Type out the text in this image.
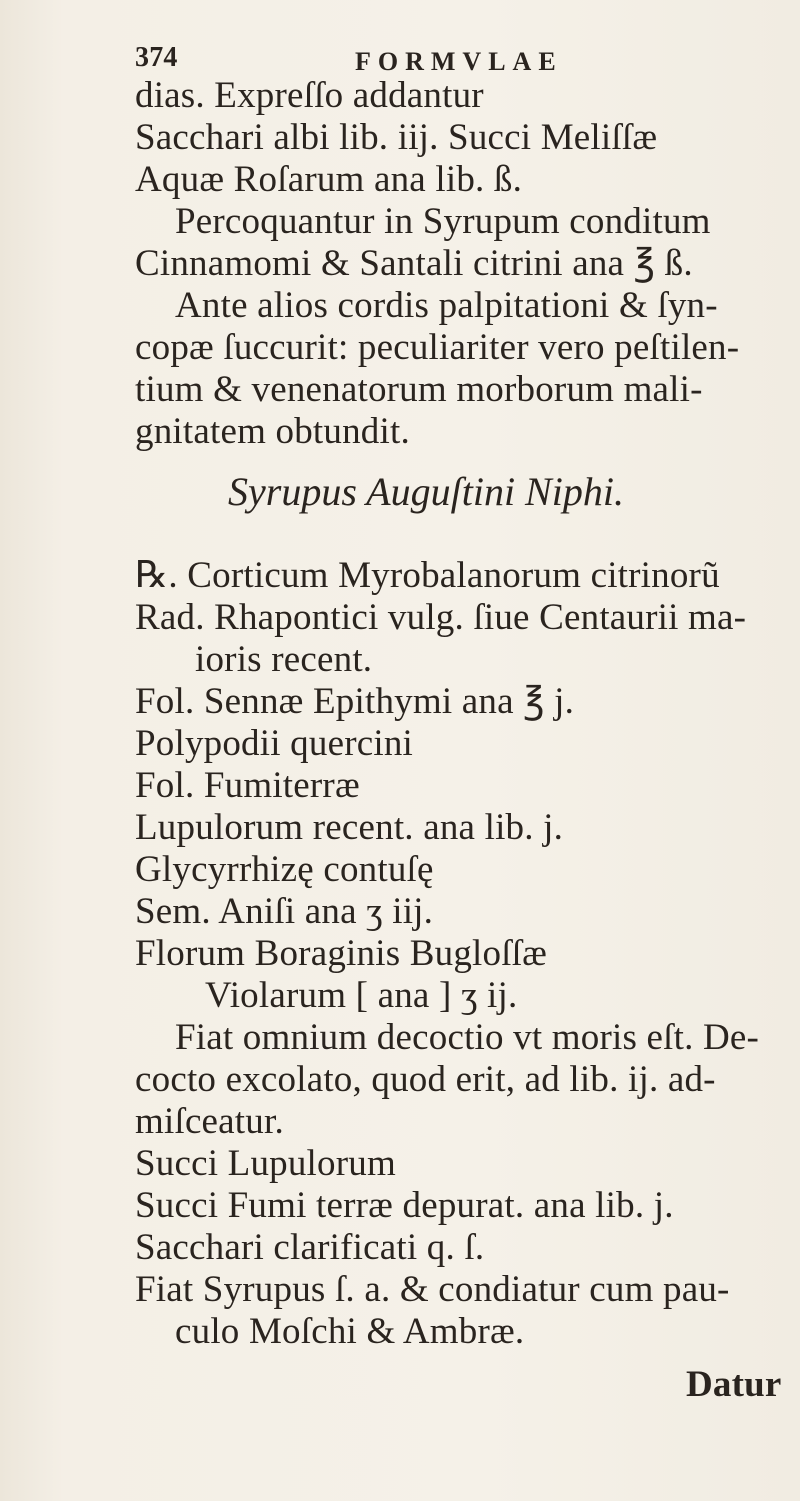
374	FORMVLAE
dias. Expreſſo addantur
Sacchari albi lib. iij. Succi Meliſſæ
Aquæ Roſarum ana lib. ß.
Percoquantur in Syrupum conditum
Cinnamomi & Santali citrini ana ℥ ß.
Ante alios cordis palpitationi & ſyn-
copæ ſuccurit: peculiariter vero peſtilen-
tium & venenatorum morborum mali-
gnitatem obtundit.
Syrupus Auguſtini Niphi.
℞. Corticum Myrobalanorum citrinorũ
Rad. Rhapontici vulg. ſiue Centaurii ma-
ioris recent.
Fol. Sennæ Epithymi ana ℥ j.
Polypodii quercini
Fol. Fumiterræ
Lupulorum recent. ana lib. j.
Glycyrrhizę contuſę
Sem. Aniſi ana ʒ iij.
Florum Boraginis Bugloſſæ
Violarum [ ana ] ʒ ij.
Fiat omnium decoctio vt moris eſt. De-
cocto excolato, quod erit, ad lib. ij. ad-
miſceatur.
Succi Lupulorum
Succi Fumi terræ depurat. ana lib. j.
Sacchari clarificati q. ſ.
Fiat Syrupus ſ. a. & condiatur cum pau-
culo Moſchi & Ambræ.
Datur
